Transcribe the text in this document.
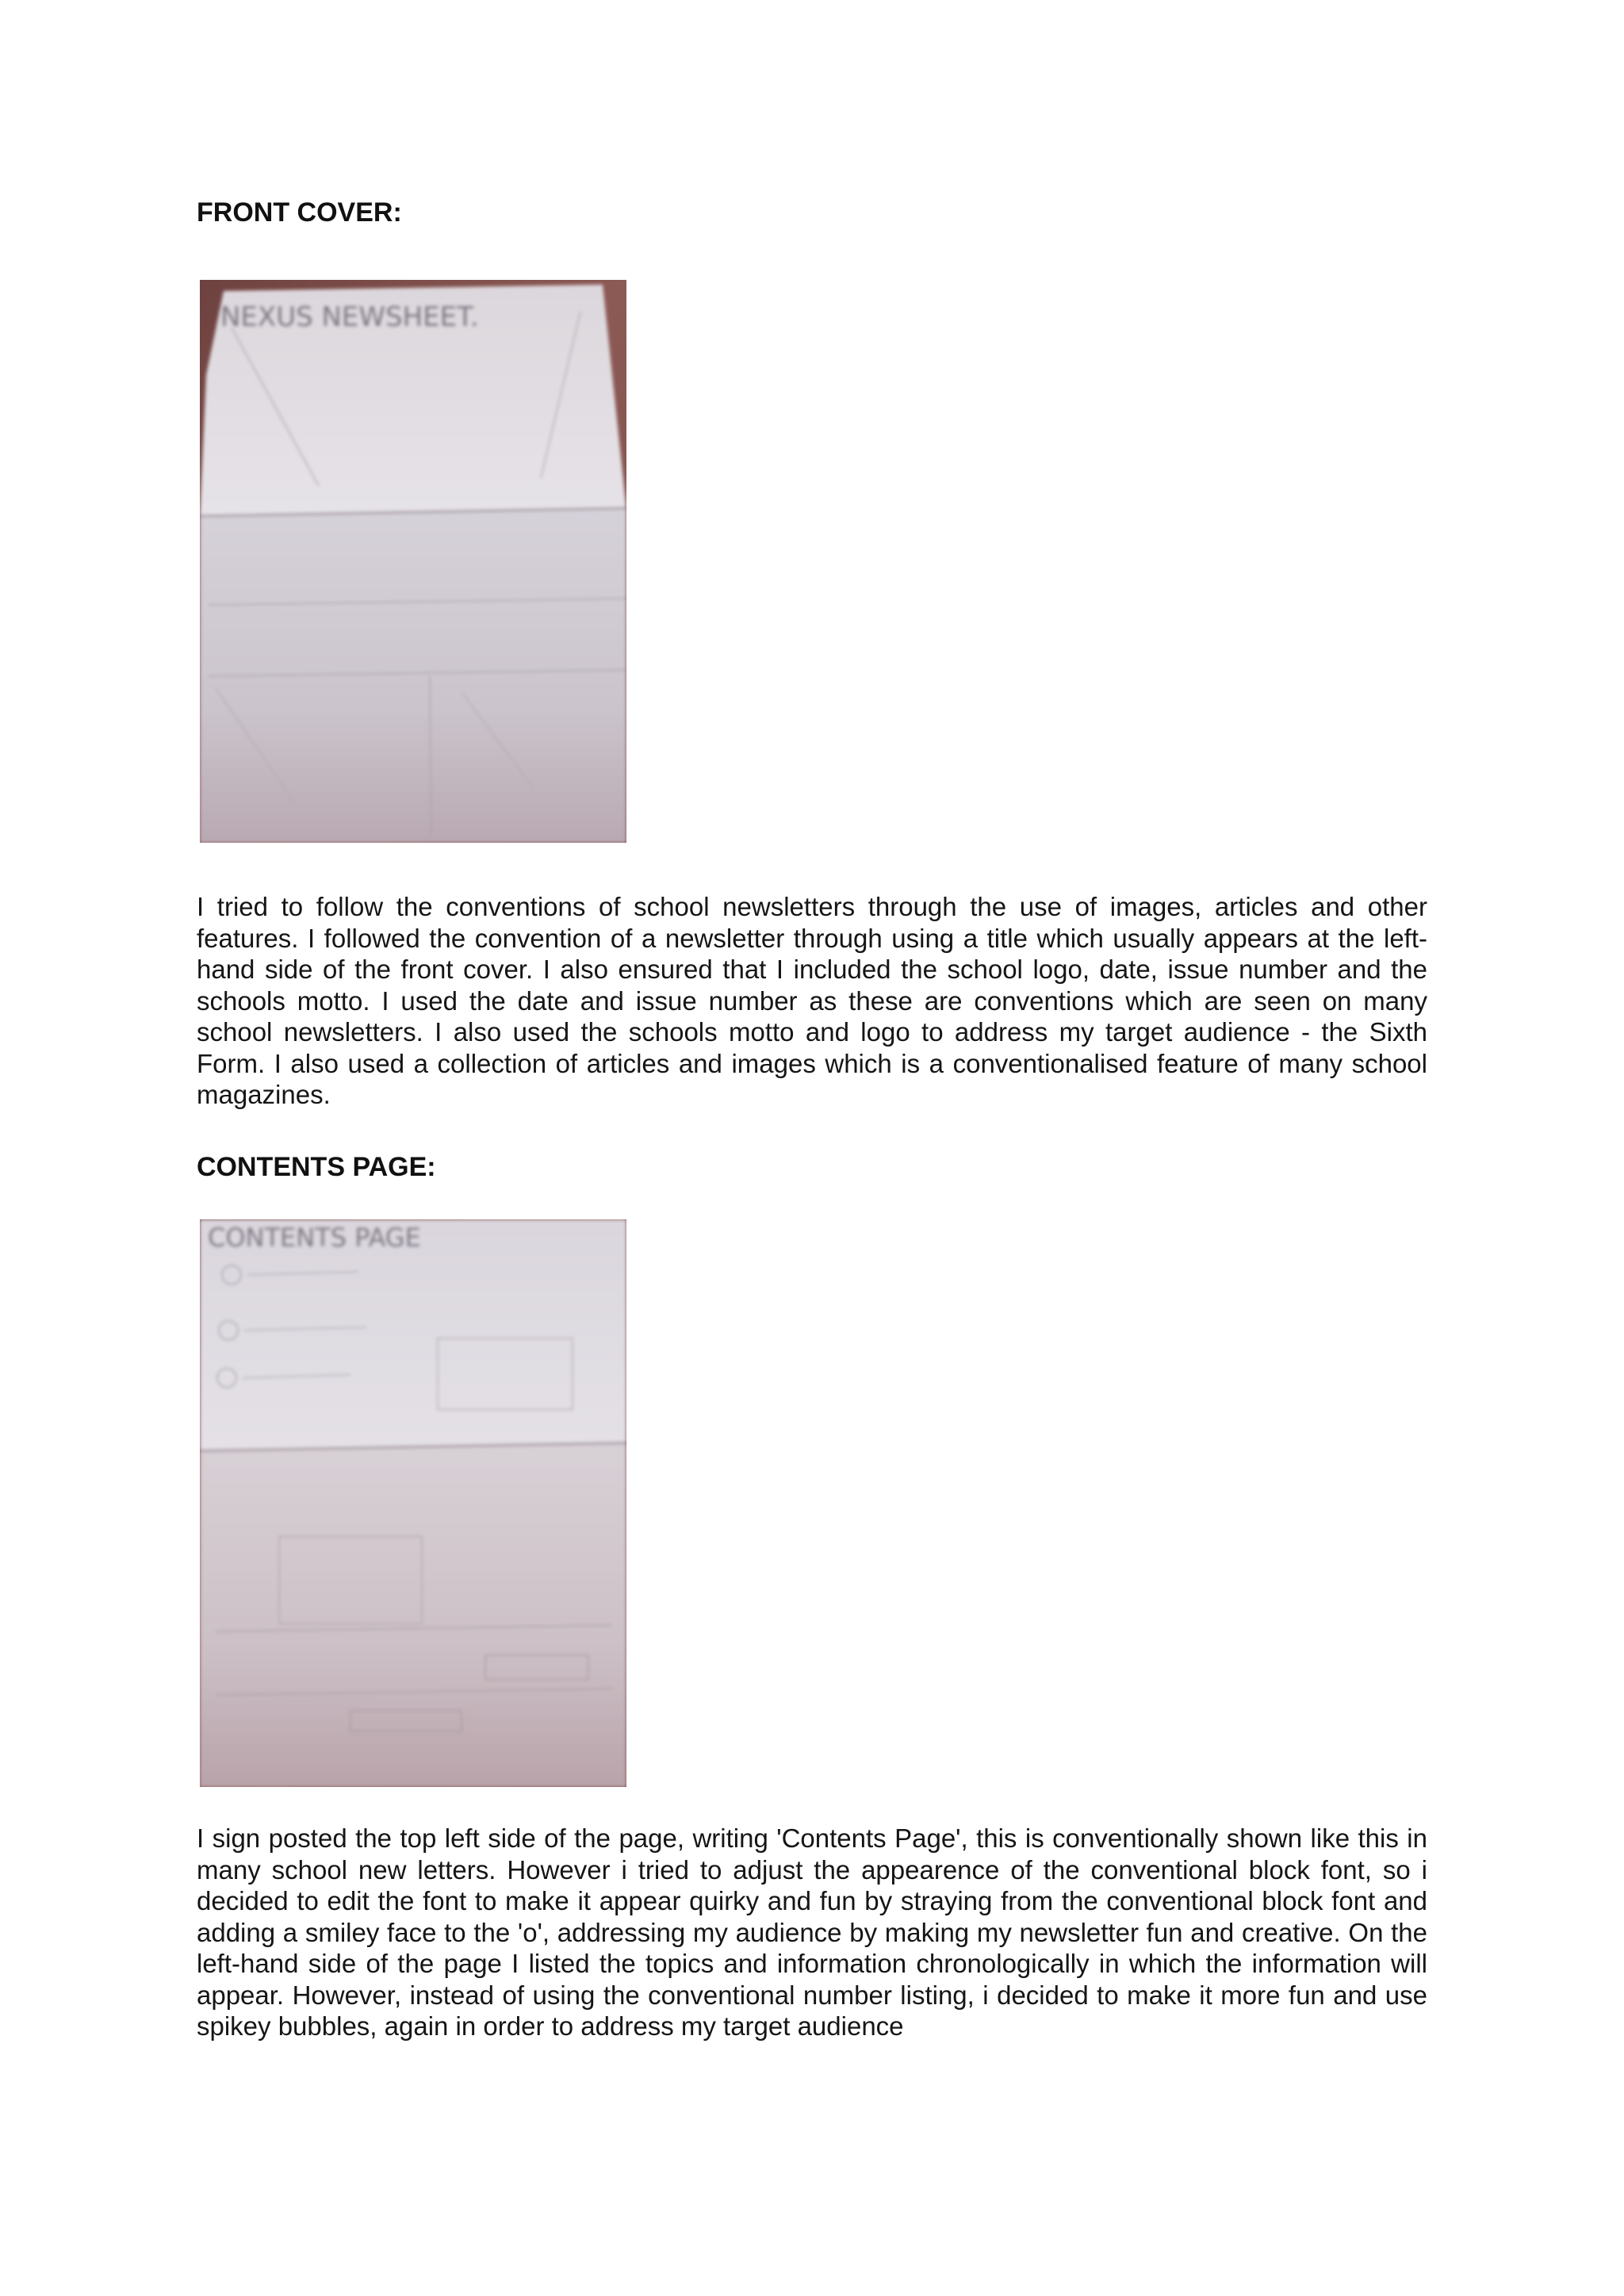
FRONT COVER:
NEXUS NEWSHEET.

I tried to follow the conventions of school newsletters through the use of images, articles and other features. I followed the convention of a newsletter through using a title which usually appears at the left-hand side of the front cover. I also ensured that I included the school logo, date, issue number and the schools motto. I used the date and issue number as these are conventions which are seen on many school newsletters. I also used the schools motto and logo to address my target audience - the Sixth Form. I also used a collection of articles and images which is a conventionalised feature of many school magazines.

CONTENTS PAGE:
CONTENTS PAGE

I sign posted the top left side of the page, writing 'Contents Page', this is conventionally shown like this in many school new letters. However i tried to adjust the appearence of the conventional block font, so i decided to edit the font to make it appear quirky and fun by straying from the conventional block font and adding a smiley face to the 'o', addressing my audience by making my newsletter fun and creative. On the left-hand side of the page I listed the topics and information chronologically in which the information will appear. However, instead of using the conventional number listing, i decided to make it more fun and use spikey bubbles, again in order to address my target audience
